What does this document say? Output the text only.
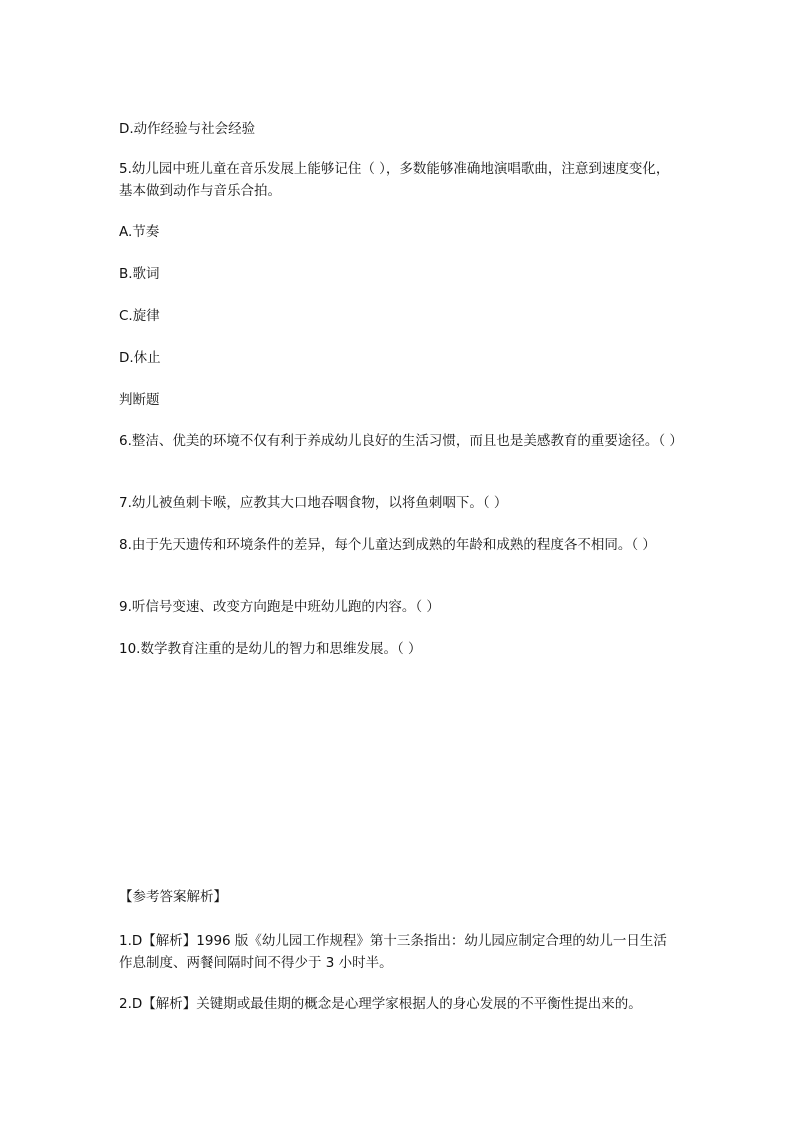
D.动作经验与社会经验
5.幼儿园中班儿童在音乐发展上能够记住（ ），多数能够准确地演唱歌曲，注意到速度变化，基本做到动作与音乐合拍。
A.节奏
B.歌词
C.旋律
D.休止
判断题
6.整洁、优美的环境不仅有利于养成幼儿良好的生活习惯，而且也是美感教育的重要途径。（ ）
7.幼儿被鱼刺卡喉，应教其大口地吞咽食物，以将鱼刺咽下。（ ）
8.由于先天遗传和环境条件的差异，每个儿童达到成熟的年龄和成熟的程度各不相同。（ ）
9.听信号变速、改变方向跑是中班幼儿跑的内容。（ ）
10.数学教育注重的是幼儿的智力和思维发展。（ ）
【参考答案解析】
1.D【解析】1996 版《幼儿园工作规程》第十三条指出：幼儿园应制定合理的幼儿一日生活作息制度、两餐间隔时间不得少于 3 小时半。
2.D【解析】关键期或最佳期的概念是心理学家根据人的身心发展的不平衡性提出来的。
